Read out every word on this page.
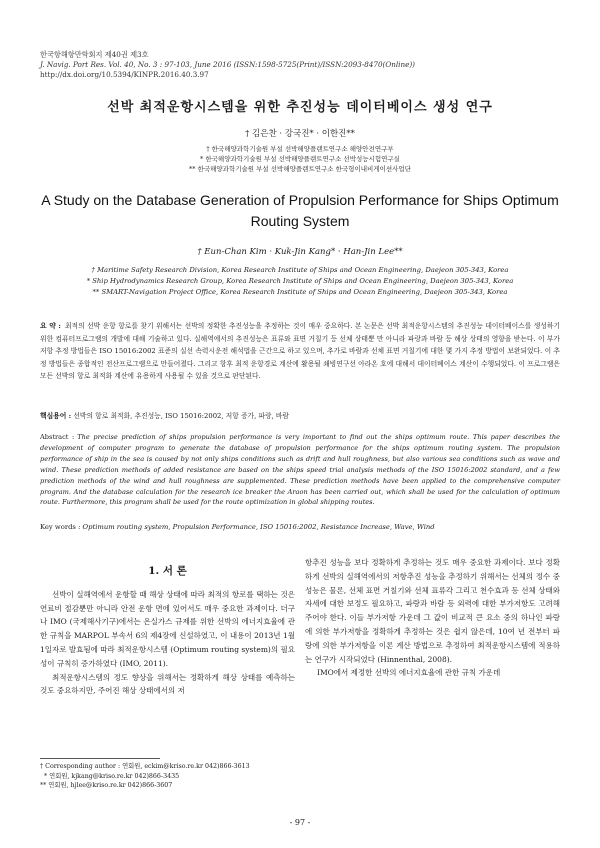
한국항해항만학회지 제40권 제3호
J. Navig. Port Res. Vol. 40, No. 3 : 97-103, June 2016 (ISSN:1598-5725(Print)/ISSN:2093-8470(Online))
http://dx.doi.org/10.5394/KINPR.2016.40.3.97
선박 최적운항시스템을 위한 추진성능 데이터베이스 생성 연구
† 김은찬 · 강국진* · 이한진**
† 한국해양과학기술원 부설 선박해양플랜트연구소 해양안전연구부
* 한국해양과학기술원 부설 선박해양플랜트연구소 선박성능시험연구실
** 한국해양과학기술원 부설 선박해양플랜트연구소 한국형이내비게이션사업단
A Study on the Database Generation of Propulsion Performance for Ships Optimum Routing System
† Eun-Chan Kim · Kuk-Jin Kang* · Han-Jin Lee**
† Maritime Safety Research Division, Korea Research Institute of Ships and Ocean Engineering, Daejeon 305-343, Korea
* Ship Hydrodynamics Research Group, Korea Research Institute of Ships and Ocean Engineering, Daejeon 305-343, Korea
** SMART-Navigation Project Office, Korea Research Institute of Ships and Ocean Engineering, Daejeon 305-343, Korea
요 약 : 최적의 선박 운항 항로를 찾기 위해서는 선박의 정확한 추진성능을 추정하는 것이 매우 중요하다. 본 논문은 선박 최적운항시스템의 추진성능 데이터베이스를 생성하기 위한 컴퓨터프로그램의 개발에 대해 기술하고 있다. 실해역에서의 추진성능은 표류와 표면 거칠기 등 선체 상태뿐 만 아니라 파랑과 바람 등 해상 상태의 영향을 받는다. 이 부가저항 추정 방법들은 ISO 15016:2002 표준의 실선 속력시운전 해석법을 근간으로 하고 있으며, 추가로 바람과 선체 표면 거칠기에 대한 몇 가지 추정 방법이 보완되었다. 이 추정 방법들은 종합적인 전산프로그램으로 만들어졌다. 그리고 항후 최적 운항경로 계산에 활용될 쇄빙연구선 아라온 호에 대해서 데이터베이스 계산이 수행되었다. 이 프로그램은 모든 선박의 항로 최적화 계산에 유용하게 사용될 수 있을 것으로 판단된다.
핵심용어 : 선박의 항로 최적화, 추진성능, ISO 15016:2002, 저항 증가, 파랑, 바람
Abstract : The precise prediction of ships propulsion performance is very important to find out the ships optimum route. This paper describes the development of computer program to generate the database of propulsion performance for the ships optimum routing system. The propulsion performance of ship in the sea is caused by not only ships conditions such as drift and hull roughness, but also various sea conditions such as wave and wind. These prediction methods of added resistance are based on the ships speed trial analysis methods of the ISO 15016:2002 standard, and a few prediction methods of the wind and hull roughness are supplemented. These prediction methods have been applied to the comprehensive computer program. And the database calculation for the research ice breaker the Araon has been carried out, which shall be used for the calculation of optimum route. Furthermore, this program shall be used for the route optimization in global shipping routes.
Key words : Optimum routing system, Propulsion Performance, ISO 15016:2002, Resistance Increase, Wave, Wind
1. 서 론

선박이 실해역에서 운항할 때 해상 상태에 따라 최적의 항로를 택하는 것은 연료비 절감뿐만 아니라 안전 운항 면에 있어서도 매우 중요한 과제이다. 더구나 IMO (국제해사기구)에서는 온실가스 규제를 위한 선박의 에너지효율에 관한 규칙을 MARPOL 부속서 6의 제4장에 신설하였고, 이 내용이 2013년 1월 1일자로 발효됨에 따라 최적운항시스템 (Optimum routing system)의 필요성이 규칙히 증가하였다 (IMO, 2011).

최적운항시스템의 정도 향상을 위해서는 정확하게 해상 상태를 예측하는 것도 중요하지만, 주어진 해상 상태에서의 저

항추진 성능을 보다 정확하게 추정하는 것도 매우 중요한 과제이다. 보다 정확하게 선박의 실해역에서의 저항추진 성능을 추정하기 위해서는 선체의 정수 중 성능은 물론, 선체 표면 거칠기와 선체 표류각 그리고 천수효과 등 선체 상태와 자세에 대한 보정도 필요하고, 파랑과 바람 등 외력에 대한 부가저항도 고려해 주어야 한다. 이들 부가저항 가운데 그 값이 비교적 큰 요소 중의 하나인 파랑에 의한 부가저항을 정확하게 추정하는 것은 쉽지 않은데, 10여 년 전부터 파랑에 의한 부가저항을 이론 계산 방법으로 추정하여 최적운항시스템에 적용하는 연구가 시작되었다 (Hinnenthal, 2008).

IMO에서 제정한 선박의 에너지효율에 관한 규칙 가운데

† Corresponding author : 연회원, eckim@kriso.re.kr 042)866-3613
* 연회원, kjkang@kriso.re.kr 042)866-3435
** 연회원, hjlee@kriso.re.kr 042)866-3607
- 97 -
